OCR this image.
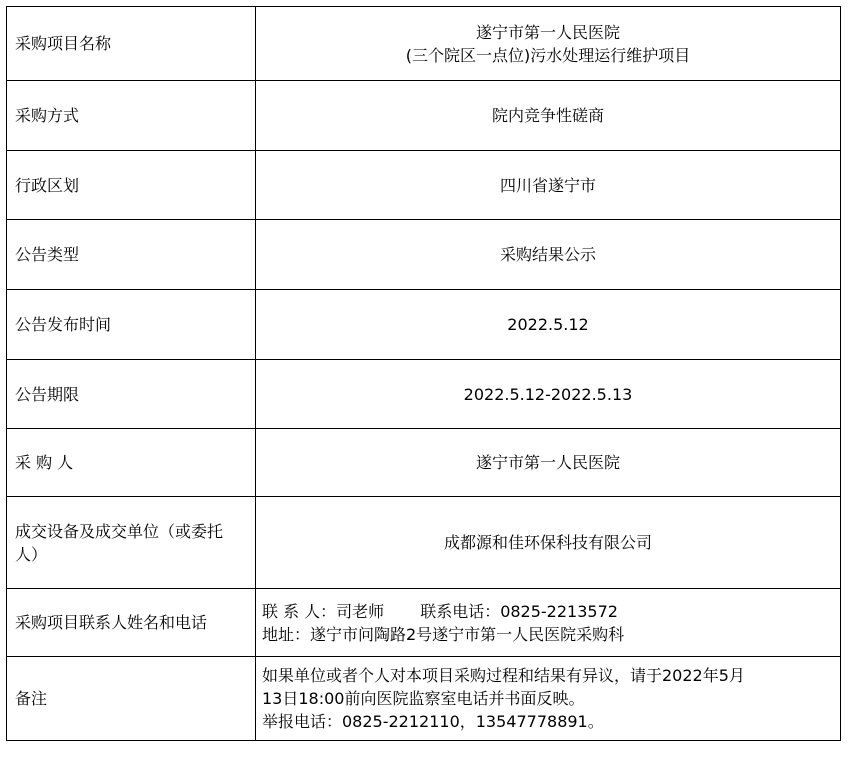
采购项目名称	遂宁市第一人民医院
(三个院区一点位)污水处理运行维护项目

采购方式	院内竞争性磋商
行政区划	四川省遂宁市
公告类型	采购结果公示
公告发布时间	2022.5.12
公告期限	2022.5.12-2022.5.13
采 购 人	遂宁市第一人民医院
成交设备及成交单位（或委托人）	成都源和佳环保科技有限公司
采购项目联系人姓名和电话	联 系 人：司老师 联系电话：0825-2213572
地址：遂宁市问陶路2号遂宁市第一人民医院采购科

备注	如果单位或者个人对本项目采购过程和结果有异议，请于2022年5月
13日18:00前向医院监察室电话并书面反映。
举报电话：0825-2212110，13547778891。
